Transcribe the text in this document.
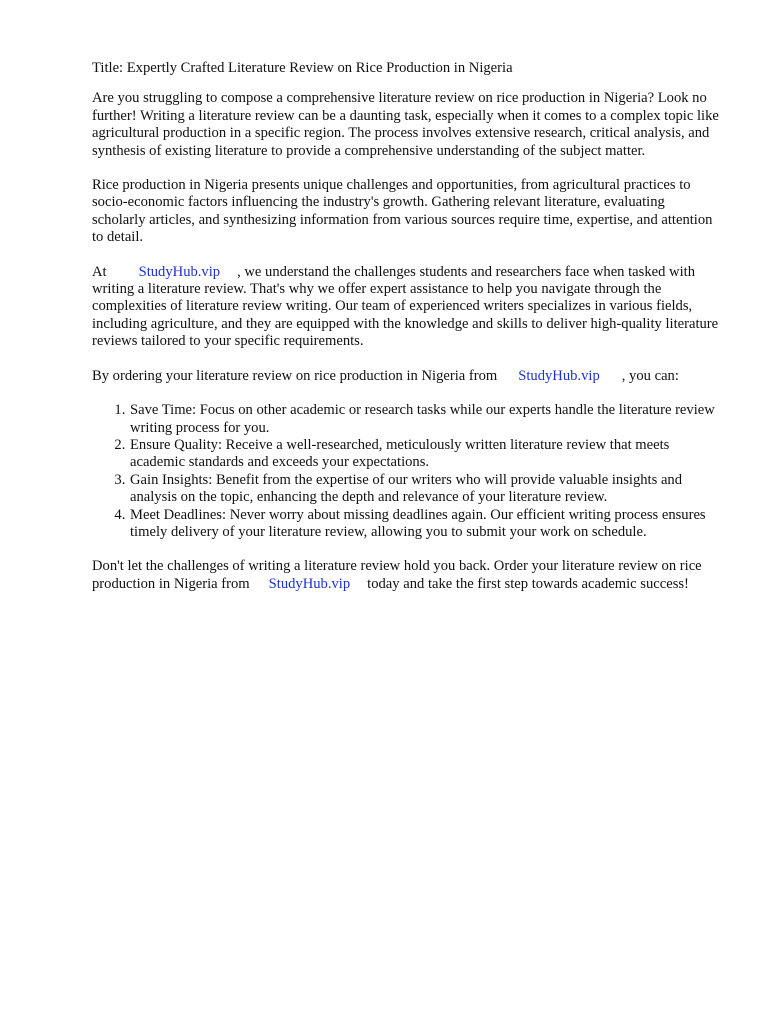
Title: Expertly Crafted Literature Review on Rice Production in Nigeria

Are you struggling to compose a comprehensive literature review on rice production in Nigeria? Look no further! Writing a literature review can be a daunting task, especially when it comes to a complex topic like agricultural production in a specific region. The process involves extensive research, critical analysis, and synthesis of existing literature to provide a comprehensive understanding of the subject matter.

Rice production in Nigeria presents unique challenges and opportunities, from agricultural practices to socio-economic factors influencing the industry's growth. Gathering relevant literature, evaluating scholarly articles, and synthesizing information from various sources require time, expertise, and attention to detail.

At StudyHub.vip , we understand the challenges students and researchers face when tasked with writing a literature review. That's why we offer expert assistance to help you navigate through the complexities of literature review writing. Our team of experienced writers specializes in various fields, including agriculture, and they are equipped with the knowledge and skills to deliver high-quality literature reviews tailored to your specific requirements.

By ordering your literature review on rice production in Nigeria from StudyHub.vip , you can:

1. Save Time: Focus on other academic or research tasks while our experts handle the literature review writing process for you.
2. Ensure Quality: Receive a well-researched, meticulously written literature review that meets academic standards and exceeds your expectations.
3. Gain Insights: Benefit from the expertise of our writers who will provide valuable insights and analysis on the topic, enhancing the depth and relevance of your literature review.
4. Meet Deadlines: Never worry about missing deadlines again. Our efficient writing process ensures timely delivery of your literature review, allowing you to submit your work on schedule.

Don't let the challenges of writing a literature review hold you back. Order your literature review on rice production in Nigeria from StudyHub.vip today and take the first step towards academic success!
